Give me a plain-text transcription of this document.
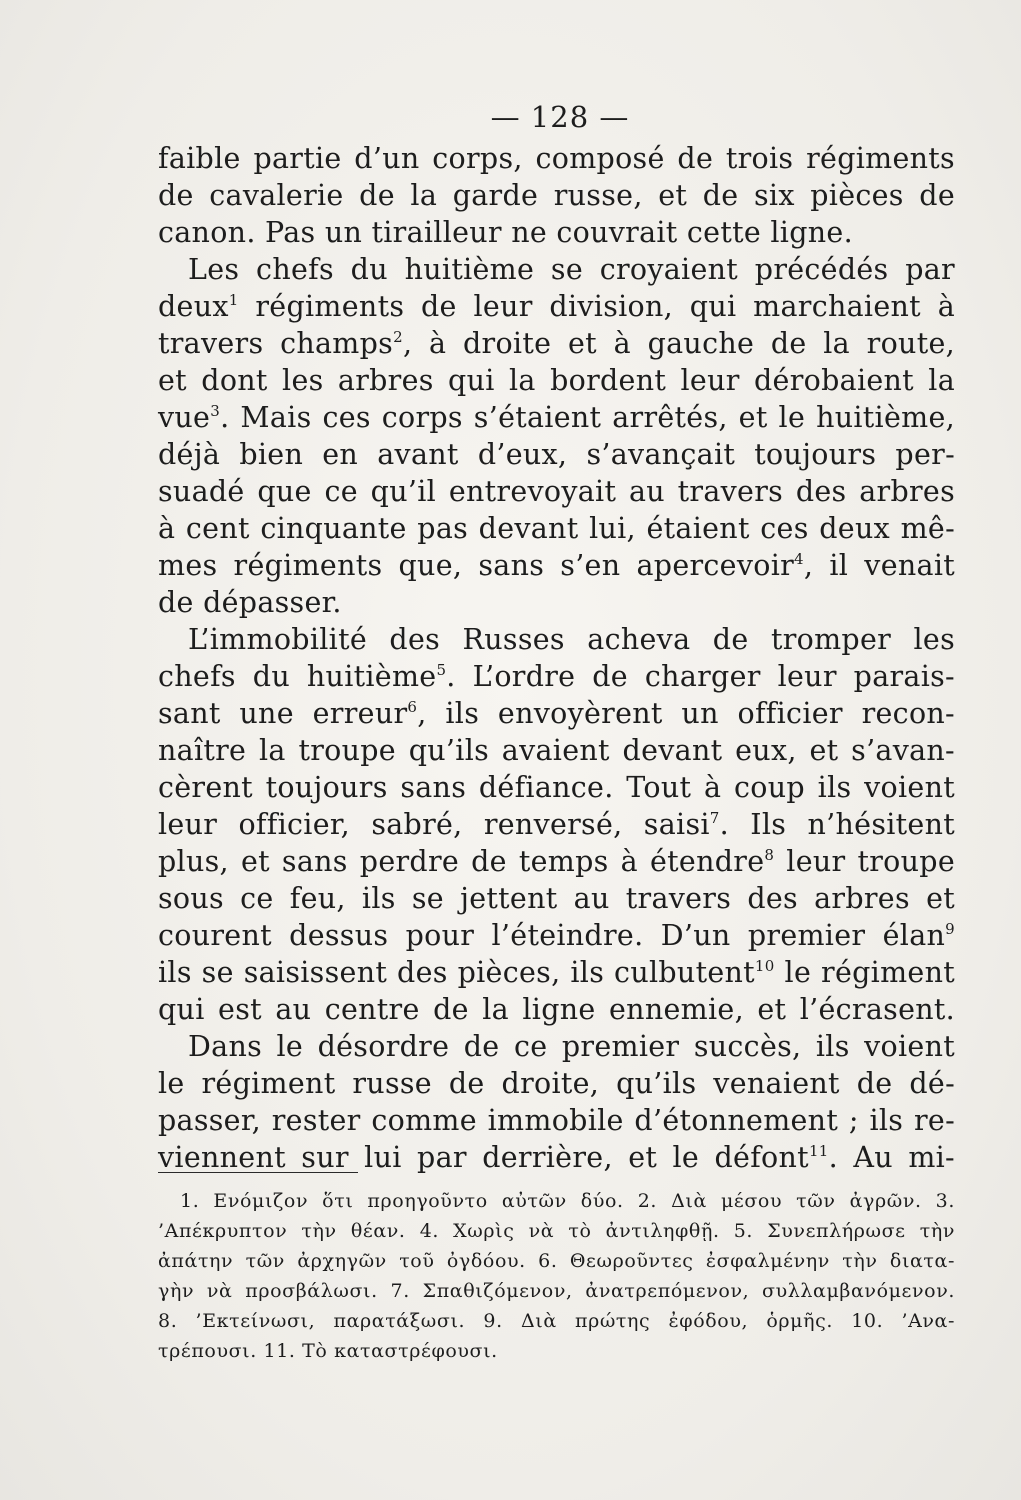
— 128 —
faible partie d’un corps, composé de trois régiments
de cavalerie de la garde russe, et de six pièces de
canon. Pas un tirailleur ne couvrait cette ligne.
Les chefs du huitième se croyaient précédés par
deux$^1$ régiments de leur division, qui marchaient à
travers champs$^2$, à droite et à gauche de la route,
et dont les arbres qui la bordent leur dérobaient la
vue$^3$. Mais ces corps s’étaient arrêtés, et le huitième,
déjà bien en avant d’eux, s’avançait toujours per-
suadé que ce qu’il entrevoyait au travers des arbres
à cent cinquante pas devant lui, étaient ces deux mê-
mes régiments que, sans s’en apercevoir$^4$, il venait
de dépasser.
L’immobilité des Russes acheva de tromper les
chefs du huitième$^5$. L’ordre de charger leur parais-
sant une erreur$^6$, ils envoyèrent un officier recon-
naître la troupe qu’ils avaient devant eux, et s’avan-
cèrent toujours sans défiance. Tout à coup ils voient
leur officier, sabré, renversé, saisi$^7$. Ils n’hésitent
plus, et sans perdre de temps à étendre$^8$ leur troupe
sous ce feu, ils se jettent au travers des arbres et
courent dessus pour l’éteindre. D’un premier élan$^9$
ils se saisissent des pièces, ils culbutent$^{10}$ le régiment
qui est au centre de la ligne ennemie, et l’écrasent.
Dans le désordre de ce premier succès, ils voient
le régiment russe de droite, qu’ils venaient de dé-
passer, rester comme immobile d’étonnement ; ils re-
viennent sur lui par derrière, et le défont$^{11}$. Au mi-
1. Ενόμιζον ὅτι προηγοῦντο αὐτῶν δύο. 2. Διὰ μέσου τῶν ἀγρῶν. 3.
’Απέκρυπτον τὴν θέαν. 4. Χωρὶς νὰ τὸ ἀντιληφθῇ. 5. Συνεπλήρωσε τὴν
ἀπάτην τῶν ἀρχηγῶν τοῦ ὀγδόου. 6. Θεωροῦντες ἐσφαλμένην τὴν διατα-
γὴν νὰ προσβάλωσι. 7. Σπαθιζόμενον, ἀνατρεπόμενον, συλλαμβανόμενον.
8. ’Εκτείνωσι, παρατάξωσι. 9. Διὰ πρώτης ἐφόδου, ὁρμῆς. 10. ’Ανα-
τρέπουσι. 11. Τὸ καταστρέφουσι.
